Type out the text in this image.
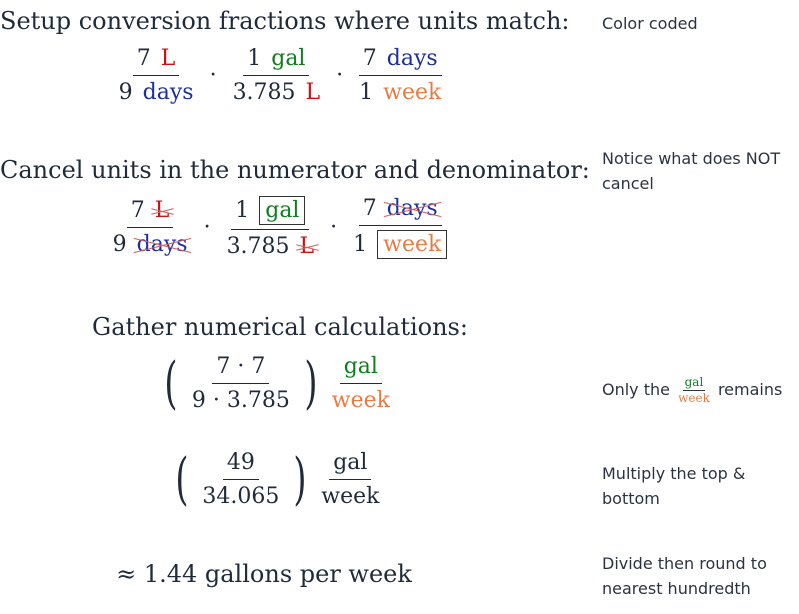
Setup conversion fractions where units match:
$\frac{7 L}{\text{9 days}} \cdot \frac{\text{1 gal}}{3.785 L} \cdot \frac{\text{7 days}}{\text{1 week}}$
Cancel units in the numerator and denominator:
$\frac{7 L}{\text{9 days}} \cdot \frac{\text{1 gal}}{3.785 L} \cdot \frac{\text{7 days}}{\text{1 week}}$
Gather numerical calculations:
( $\frac{7 \cdot 7}{9 \cdot 3.785}$ ) $\frac{\text{gal}}{\text{week}}$
( $\frac{49}{34.065}$ ) $\frac{\text{gal}}{\text{week}}$
≈ 1.44 gallons per week
Color coded
Notice what does NOT cancel
Only the gal
week remains
Multiply the top & bottom
Divide then round to nearest hundredth
